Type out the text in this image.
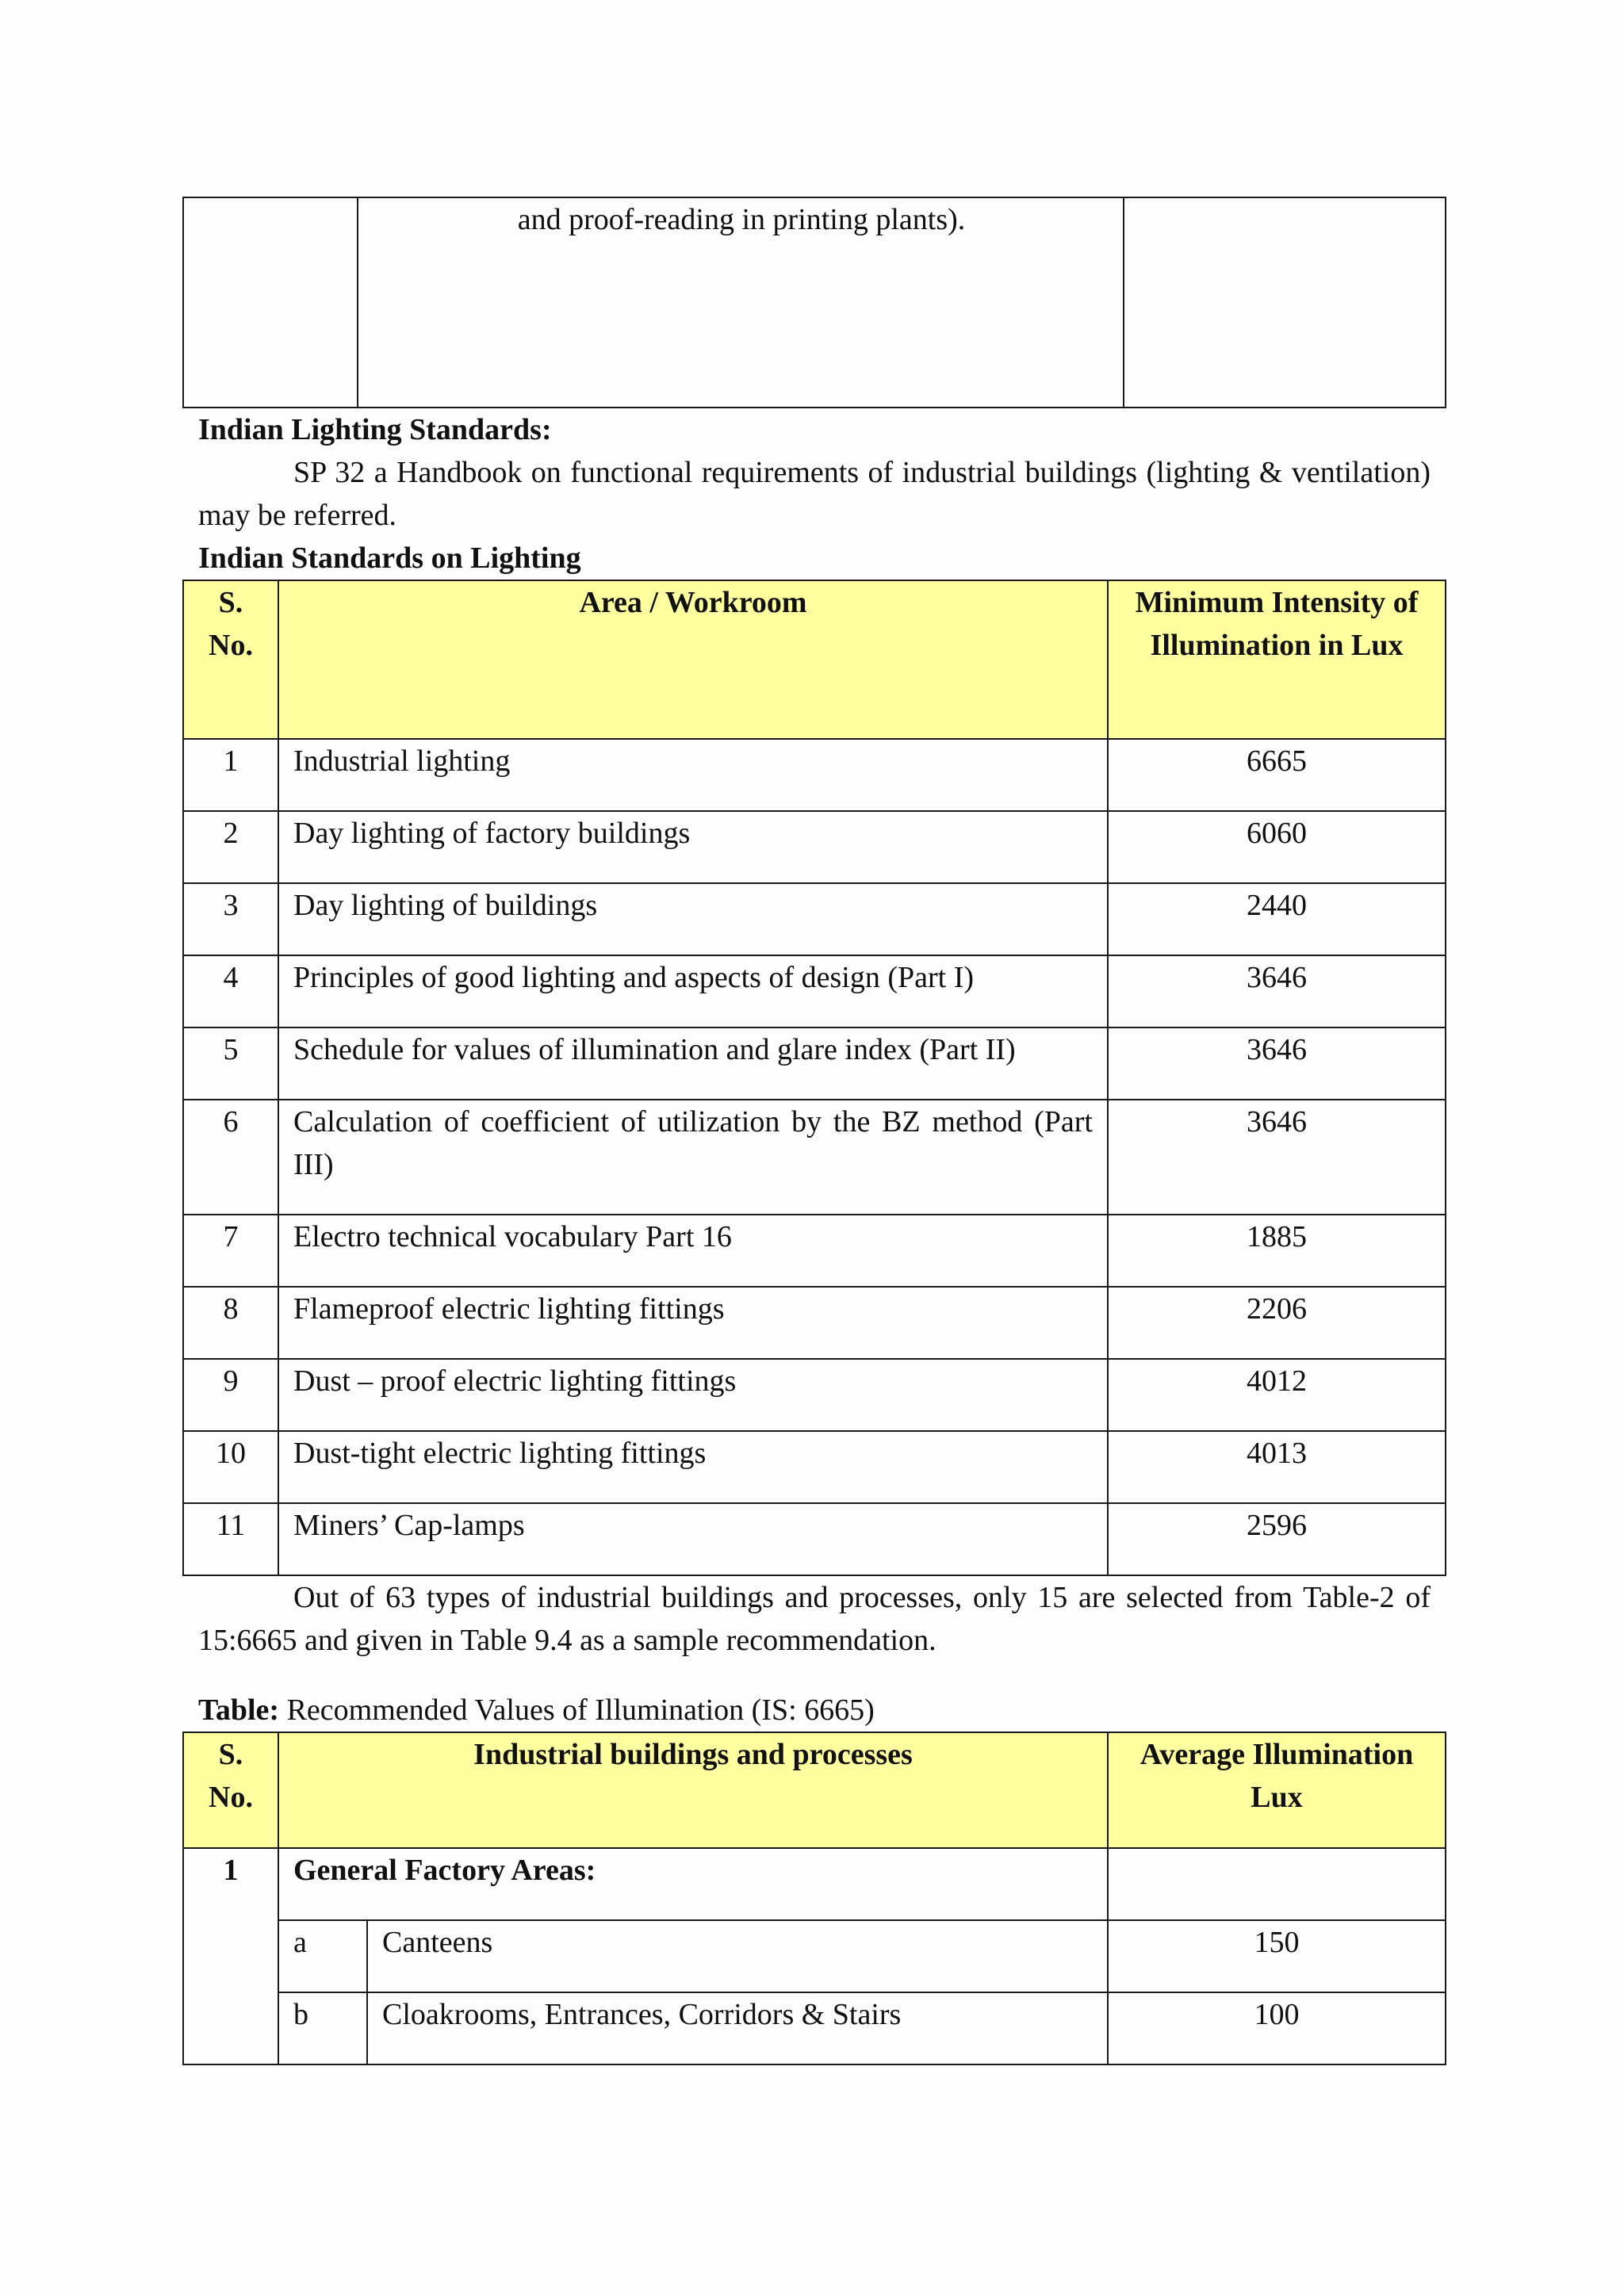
	and proof-reading in printing plants).	

Indian Lighting Standards:

SP 32 a Handbook on functional requirements of industrial buildings (lighting & ventilation) may be referred.

Indian Standards on Lighting

S. No.	Area / Workroom	Minimum Intensity of Illumination in Lux
1	Industrial lighting	6665
2	Day lighting of factory buildings	6060
3	Day lighting of buildings	2440
4	Principles of good lighting and aspects of design (Part I)	3646
5	Schedule for values of illumination and glare index (Part II)	3646
6	Calculation of coefficient of utilization by the BZ method (Part III)	3646
7	Electro technical vocabulary Part 16	1885
8	Flameproof electric lighting fittings	2206
9	Dust – proof electric lighting fittings	4012
10	Dust-tight electric lighting fittings	4013
11	Miners’ Cap-lamps	2596

Out of 63 types of industrial buildings and processes, only 15 are selected from Table-2 of 15:6665 and given in Table 9.4 as a sample recommendation.

Table: Recommended Values of Illumination (IS: 6665)

S. No.	Industrial buildings and processes		Average Illumination Lux
1	General Factory Areas:		
	a	Canteens	150
	b	Cloakrooms, Entrances, Corridors & Stairs	100
